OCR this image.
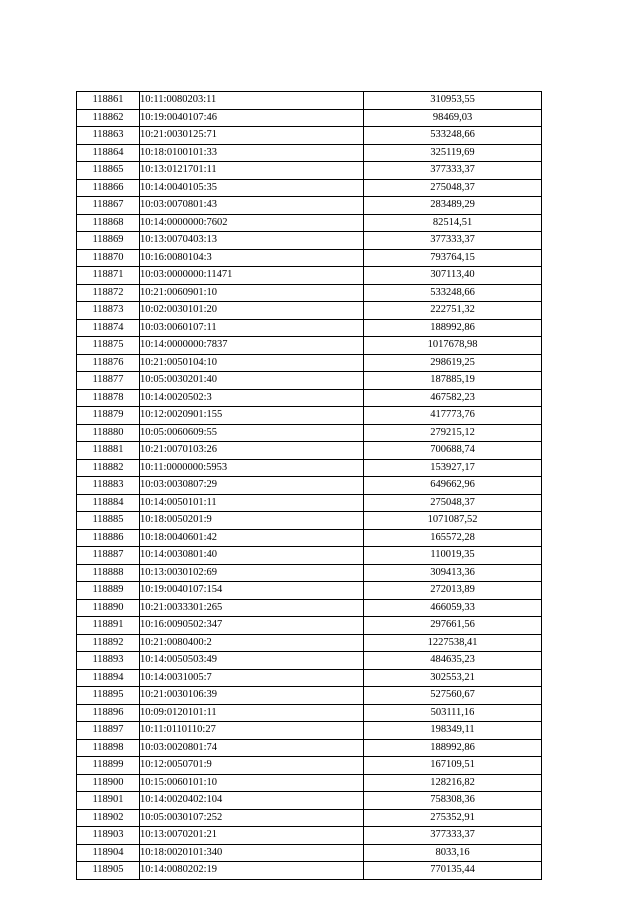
118861	10:11:0080203:11	310953,55
118862	10:19:0040107:46	98469,03
118863	10:21:0030125:71	533248,66
118864	10:18:0100101:33	325119,69
118865	10:13:0121701:11	377333,37
118866	10:14:0040105:35	275048,37
118867	10:03:0070801:43	283489,29
118868	10:14:0000000:7602	82514,51
118869	10:13:0070403:13	377333,37
118870	10:16:0080104:3	793764,15
118871	10:03:0000000:11471	307113,40
118872	10:21:0060901:10	533248,66
118873	10:02:0030101:20	222751,32
118874	10:03:0060107:11	188992,86
118875	10:14:0000000:7837	1017678,98
118876	10:21:0050104:10	298619,25
118877	10:05:0030201:40	187885,19
118878	10:14:0020502:3	467582,23
118879	10:12:0020901:155	417773,76
118880	10:05:0060609:55	279215,12
118881	10:21:0070103:26	700688,74
118882	10:11:0000000:5953	153927,17
118883	10:03:0030807:29	649662,96
118884	10:14:0050101:11	275048,37
118885	10:18:0050201:9	1071087,52
118886	10:18:0040601:42	165572,28
118887	10:14:0030801:40	110019,35
118888	10:13:0030102:69	309413,36
118889	10:19:0040107:154	272013,89
118890	10:21:0033301:265	466059,33
118891	10:16:0090502:347	297661,56
118892	10:21:0080400:2	1227538,41
118893	10:14:0050503:49	484635,23
118894	10:14:0031005:7	302553,21
118895	10:21:0030106:39	527560,67
118896	10:09:0120101:11	503111,16
118897	10:11:0110110:27	198349,11
118898	10:03:0020801:74	188992,86
118899	10:12:0050701:9	167109,51
118900	10:15:0060101:10	128216,82
118901	10:14:0020402:104	758308,36
118902	10:05:0030107:252	275352,91
118903	10:13:0070201:21	377333,37
118904	10:18:0020101:340	8033,16
118905	10:14:0080202:19	770135,44
